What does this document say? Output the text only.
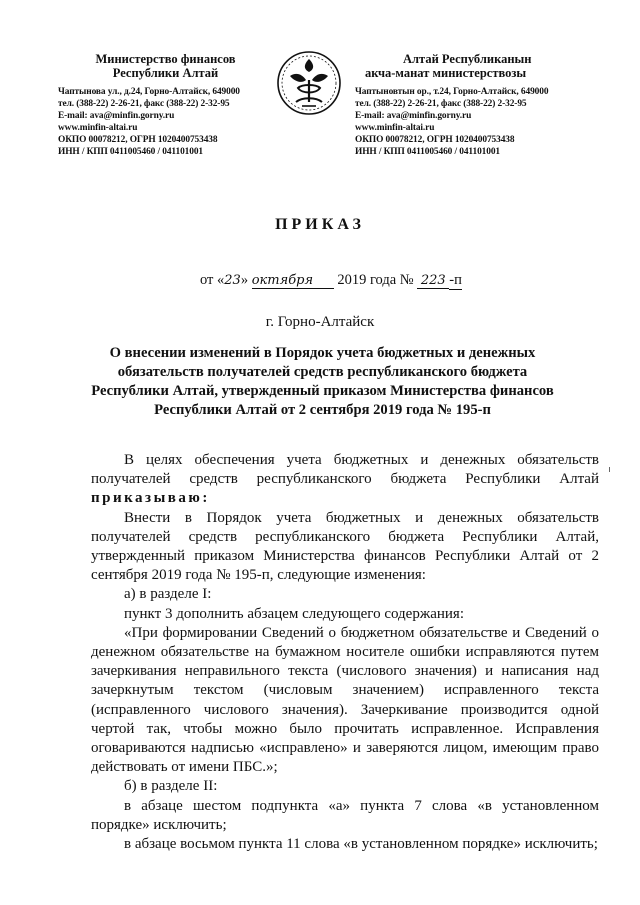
Министерство финансов
Республики Алтай
Чаптынова ул., д.24, Горно-Алтайск, 649000
тел. (388-22) 2-26-21, факс (388-22) 2-32-95
E-mail: ava@minfin.gorny.ru
www.minfin-altai.ru
ОКПО 00078212, ОГРН 1020400753438
ИНН / КПП 0411005460 / 041101001
Алтай Республиканын
акча-манат министерствозы
Чаптыновтын ор., т.24, Горно-Алтайск, 649000
тел. (388-22) 2-26-21, факс (388-22) 2-32-95
E-mail: ava@minfin.gorny.ru
www.minfin-altai.ru
ОКПО 00078212, ОГРН 1020400753438
ИНН / КПП 0411005460 / 041101001
ПРИКАЗ
от «23» октября 2019 года № 223 -п
г. Горно-Алтайск
О внесении изменений в Порядок учета бюджетных и денежных
обязательств получателей средств республиканского бюджета
Республики Алтай, утвержденный приказом Министерства финансов
Республики Алтай от 2 сентября 2019 года № 195-п

В целях обеспечения учета бюджетных и денежных обязательств получателей средств республиканского бюджета Республики Алтай приказываю:

Внести в Порядок учета бюджетных и денежных обязательств получателей средств республиканского бюджета Республики Алтай, утвержденный приказом Министерства финансов Республики Алтай от 2 сентября 2019 года № 195-п, следующие изменения:

а) в разделе I:

пункт 3 дополнить абзацем следующего содержания:

«При формировании Сведений о бюджетном обязательстве и Сведений о денежном обязательстве на бумажном носителе ошибки исправляются путем зачеркивания неправильного текста (числового значения) и написания над зачеркнутым текстом (числовым значением) исправленного текста (исправленного числового значения). Зачеркивание производится одной чертой так, чтобы можно было прочитать исправленное. Исправления оговариваются надписью «исправлено» и заверяются лицом, имеющим право действовать от имени ПБС.»;

б) в разделе II:

в абзаце шестом подпункта «а» пункта 7 слова «в установленном порядке» исключить;

в абзаце восьмом пункта 11 слова «в установленном порядке» исключить;
